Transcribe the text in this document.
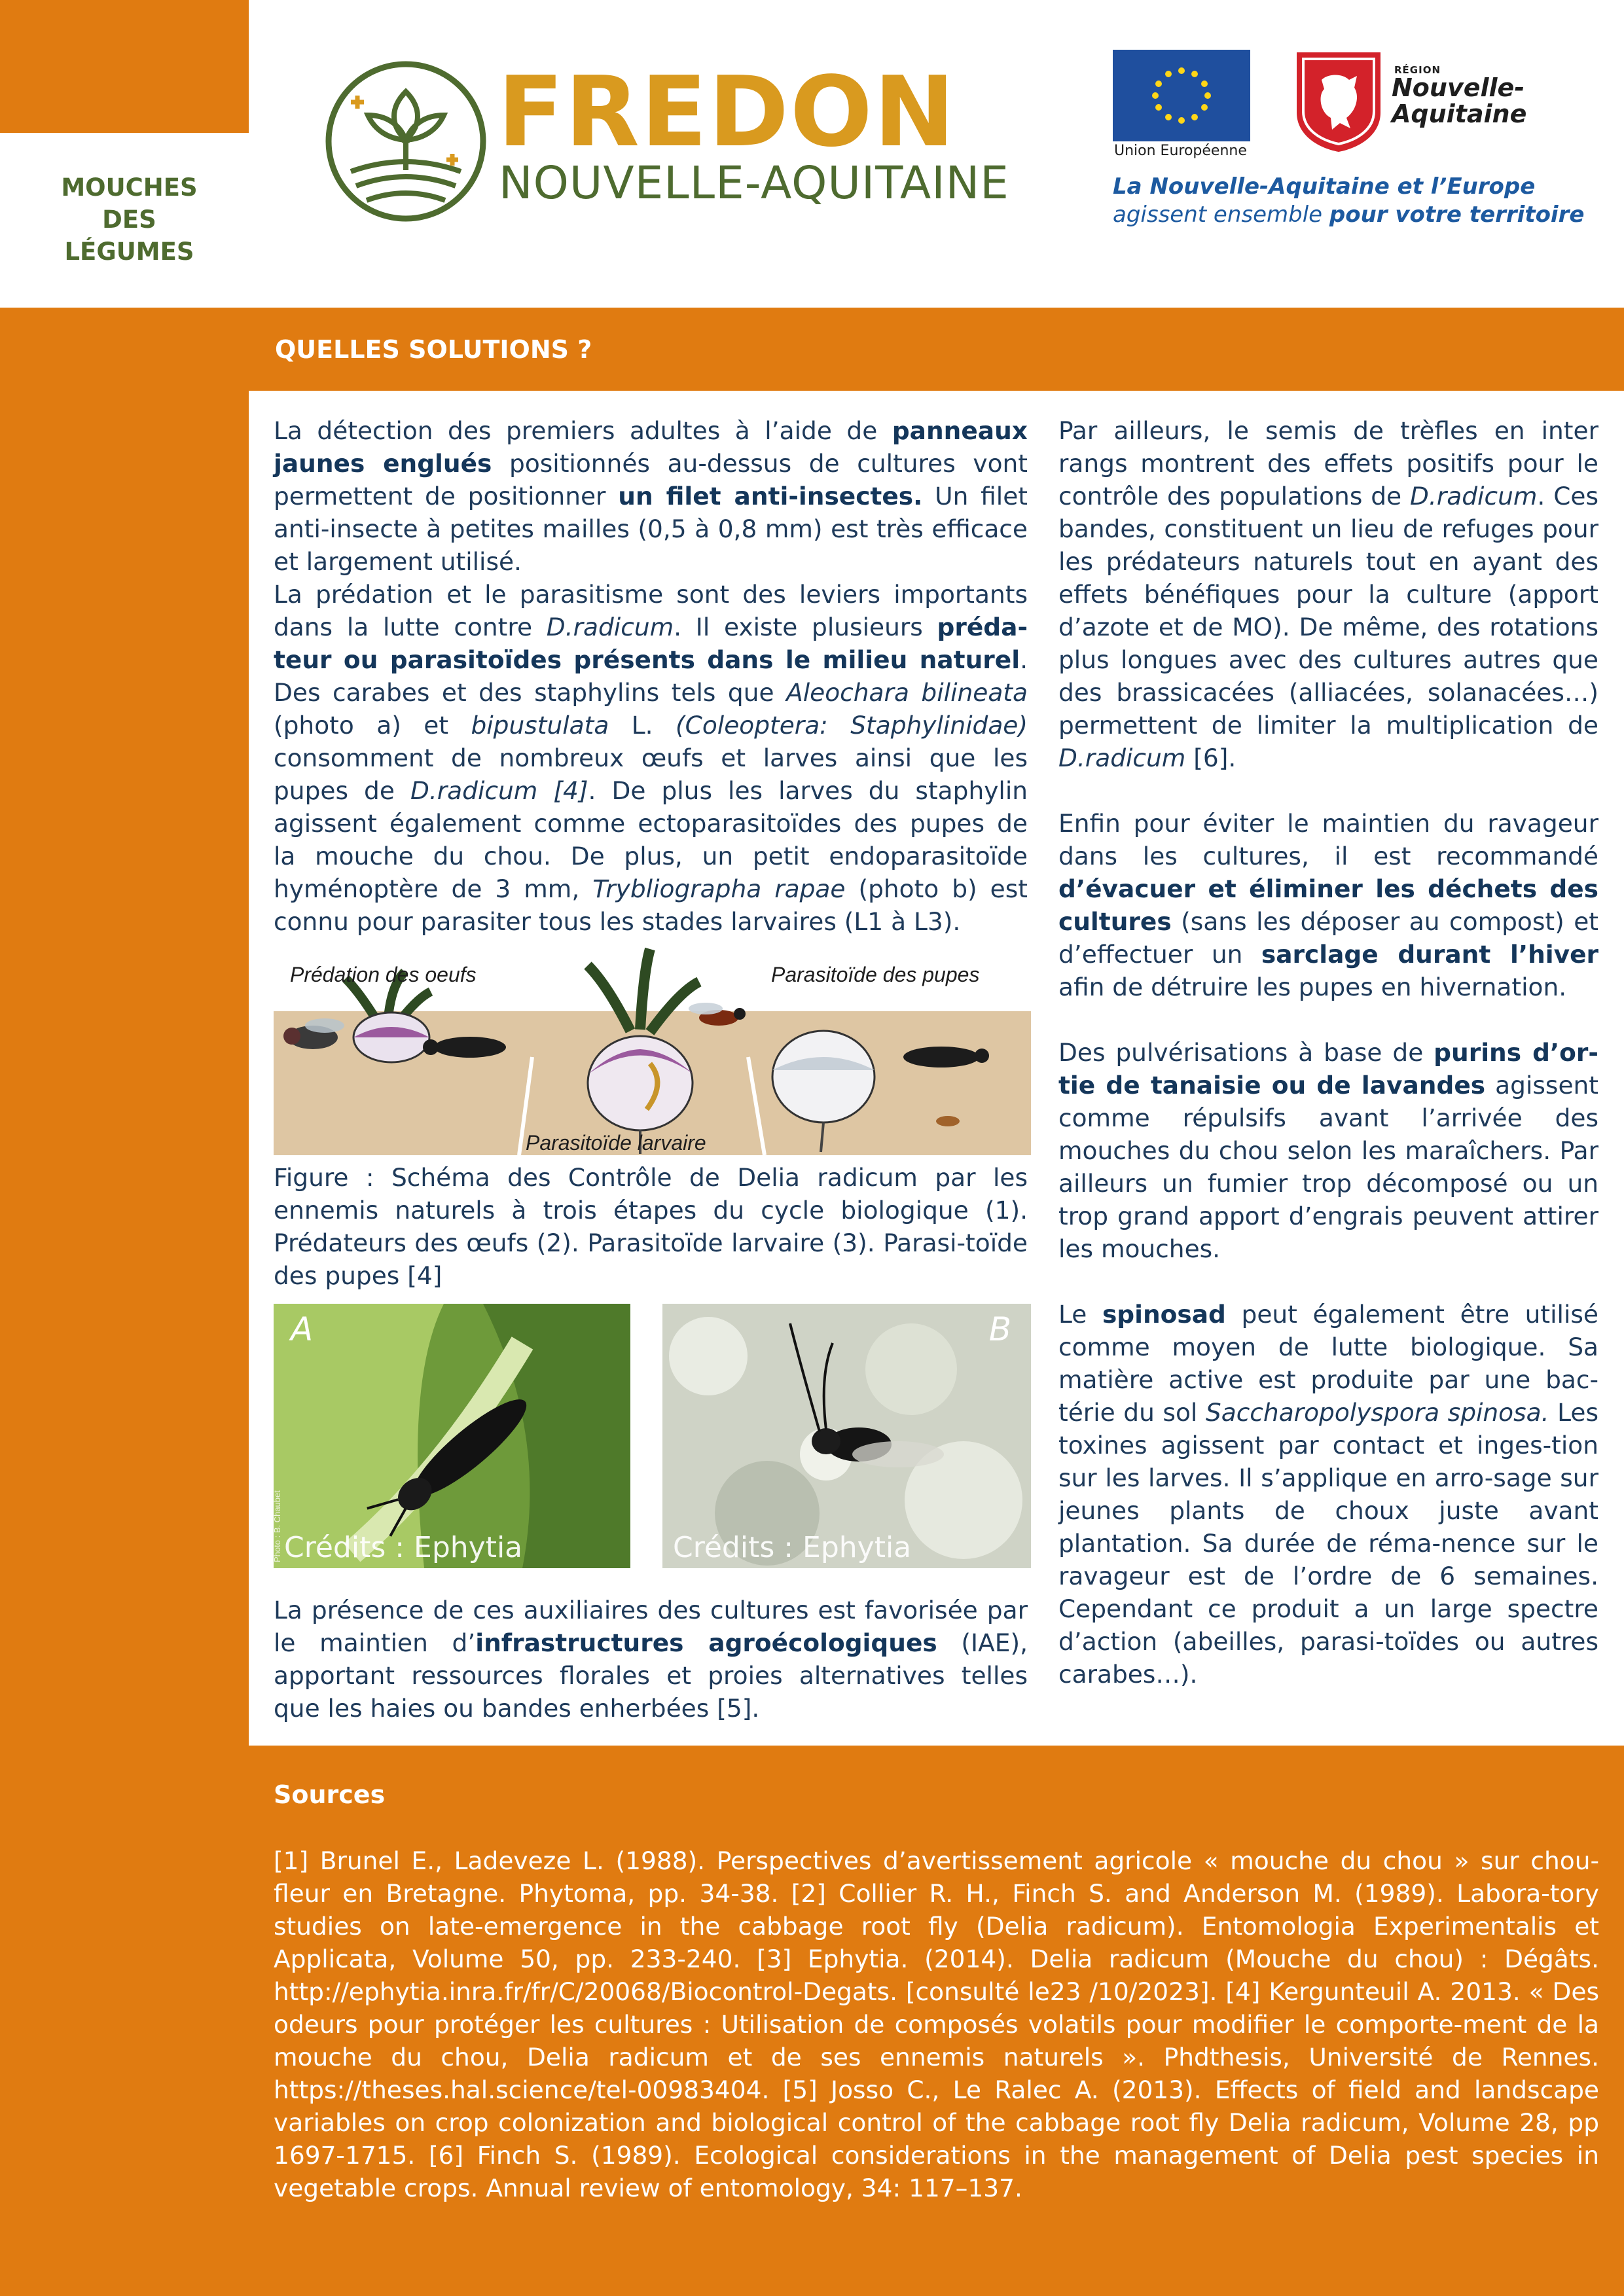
MOUCHES
DES
LÉGUMES
FREDON
NOUVELLE-AQUITAINE
Union Européenne
RÉGION
Nouvelle-
Aquitaine
La Nouvelle-Aquitaine et l’Europe
agissent ensemble pour votre territoire
QUELLES SOLUTIONS ?

La détection des premiers adultes à l’aide de panneaux jaunes englués positionnés au-dessus de cultures vont permettent de positionner un filet anti-insectes. Un filet anti-insecte à petites mailles (0,5 à 0,8 mm) est très efficace et largement utilisé.

La prédation et le parasitisme sont des leviers importants dans la lutte contre D.radicum. Il existe plusieurs préda-teur ou parasitoïdes présents dans le milieu naturel. Des carabes et des staphylins tels que Aleochara bilineata (photo a) et bipustulata L. (Coleoptera: Staphylinidae) consomment de nombreux œufs et larves ainsi que les pupes de D.radicum [4]. De plus les larves du staphylin agissent également comme ectoparasitoïdes des pupes de la mouche du chou. De plus, un petit endoparasitoïde hyménoptère de 3 mm, Trybliographa rapae (photo b) est connu pour parasiter tous les stades larvaires (L1 à L3).

Prédation des oeufs	Parasitoïde des pupes
Parasitoïde larvaire
Figure : Schéma des Contrôle de Delia radicum par les ennemis naturels à trois étapes du cycle biologique (1). Prédateurs des œufs (2). Parasitoïde larvaire (3). Parasi-toïde des pupes [4]
Photo : B. Chaubet
A
Crédits : Ephytia
B
Crédits : Ephytia

La présence de ces auxiliaires des cultures est favorisée par le maintien d’infrastructures agroécologiques (IAE), apportant ressources florales et proies alternatives telles que les haies ou bandes enherbées [5].

Par ailleurs, le semis de trèfles en inter rangs montrent des effets positifs pour le contrôle des populations de D.radicum. Ces bandes, constituent un lieu de refuges pour les prédateurs naturels tout en ayant des effets bénéfiques pour la culture (apport d’azote et de MO). De même, des rotations plus longues avec des cultures autres que des brassicacées (alliacées, solanacées…) permettent de limiter la multiplication de D.radicum [6].

Enfin pour éviter le maintien du ravageur dans les cultures, il est recommandé d’évacuer et éliminer les déchets des cultures (sans les déposer au compost) et d’effectuer un sarclage durant l’hiver afin de détruire les pupes en hivernation.

Des pulvérisations à base de purins d’or-tie de tanaisie ou de lavandes agissent comme répulsifs avant l’arrivée des mouches du chou selon les maraîchers. Par ailleurs un fumier trop décomposé ou un trop grand apport d’engrais peuvent attirer les mouches.

Le spinosad peut également être utilisé comme moyen de lutte biologique. Sa matière active est produite par une bac-térie du sol Saccharopolyspora spinosa. Les toxines agissent par contact et inges-tion sur les larves. Il s’applique en arro-sage sur jeunes plants de choux juste avant plantation. Sa durée de réma-nence sur le ravageur est de l’ordre de 6 semaines. Cependant ce produit a un large spectre d’action (abeilles, parasi-toïdes ou autres carabes…).

Sources
[1] Brunel E., Ladeveze L. (1988). Perspectives d’avertissement agricole « mouche du chou » sur chou-fleur en Bretagne. Phytoma, pp. 34-38. [2] Collier R. H., Finch S. and Anderson M. (1989). Labora-tory studies on late-emergence in the cabbage root fly (Delia radicum). Entomologia Experimentalis et Applicata, Volume 50, pp. 233-240. [3] Ephytia. (2014). Delia radicum (Mouche du chou) : Dégâts. http://ephytia.inra.fr/fr/C/20068/Biocontrol-Degats. [consulté le23 /10/2023]. [4] Kergunteuil A. 2013. « Des odeurs pour protéger les cultures : Utilisation de composés volatils pour modifier le comporte-ment de la mouche du chou, Delia radicum et de ses ennemis naturels ». Phdthesis, Université de Rennes. https://theses.hal.science/tel-00983404. [5] Josso C., Le Ralec A. (2013). Effects of field and landscape variables on crop colonization and biological control of the cabbage root fly Delia radicum, Volume 28, pp 1697-1715. [6] Finch S. (1989). Ecological considerations in the management of Delia pest species in vegetable crops. Annual review of entomology, 34: 117–137.
